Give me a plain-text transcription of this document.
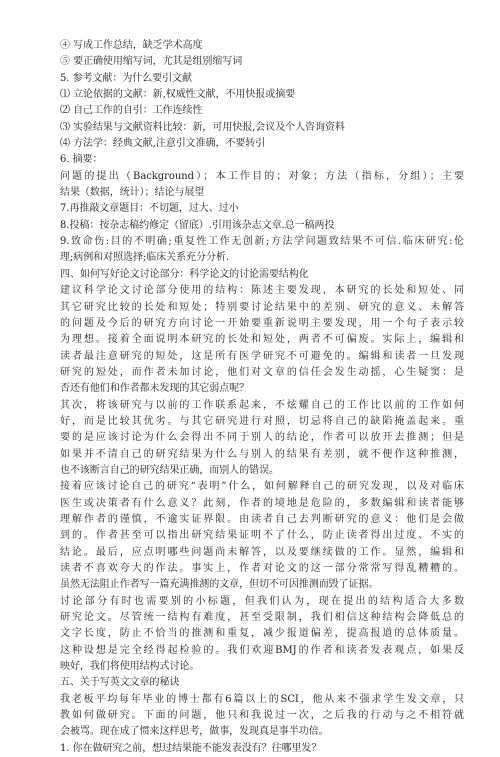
④ 写成工作总结，缺乏学术高度
⑤ 要正确使用缩写词，尤其是组别缩写词
5. 参考文献：为什么要引文献
⑴ 立论依据的文献：新,权威性文献，不用快报或摘要
⑵ 自己工作的自引：工作连续性
⑶ 实验结果与文献资料比较：新，可用快报,会议及个人咨询资料
⑷ 方法学：经典文献,注意引文准确，不要转引
6. 摘要：
问题的提出（Background）；本工作目的；对象；方法（指标，分组）；主要
结果（数据，统计）；结论与展望
7.再推敲文章题目：不切题，过大、过小
8.投稿：按杂志稿约修定（留底）.引用该杂志文章.总一稿两投
9.致命伤:目的不明确;重复性工作无创新;方法学问题致结果不可信.临床研究:伦
理;病例和对照选择;临床关系充分分析.
四、如何写好论文讨论部分：科学论文的讨论需要结构化
建议科学论文讨论部分使用的结构：陈述主要发现，本研究的长处和短处、同
其它研究比较的长处和短处；特别要讨论结果中的差别、研究的意义、未解答
的问题及今后的研究方向讨论一开始要重新说明主要发现，用一个句子表示较
为理想。接着全面说明本研究的长处和短处，两者不可偏废。实际上，编辑和
读者最注意研究的短处，这是所有医学研究不可避免的。编辑和读者一旦发现
研究的短处，而作者未加讨论，他们对文章的信任会发生动摇，心生疑窦：是
否还有他们和作者都未发现的其它弱点呢？
其次，将该研究与以前的工作联系起来，不炫耀自己的工作比以前的工作如何
好，而是比较其优劣。与其它研究进行对照，切忌将自己的缺陷掩盖起来。重
要的是应该讨论为什么会得出不同于别人的结论，作者可以放开去推测；但是
如果并不清自己的研究结果为什么与别人的结果有差别，就不便作这种推测，
也不该断言自己的研究结果正确，而别人的错误。
接着应该讨论自己的研究“表明”什么，如何解释自己的研究发现，以及对临床
医生或决策者有什么意义？此刻，作者的境地是危险的，多数编辑和读者能够
理解作者的谨慎，不逾实证界限。由读者自己去判断研究的意义：他们是会做
到的。作者甚至可以指出研究结果证明不了什么，防止读者得出过度、不实的
结论。最后，应点明哪些问题尚未解答，以及要继续做的工作。显然，编辑和
读者不喜欢夸大的作法。事实上，作者对论文的这一部分常常写得乱糟糟的。
虽然无法阻止作者写一篇充满推测的文章，但切不可因推测而毁了证据。
讨论部分有时也需要别的小标题，但我们认为，现在提出的结构适合大多数
研究论文。尽管统一结构有难度，甚至受限制，我们相信这种结构会降低总的
文字长度，防止不恰当的推测和重复，减少报道偏差，提高报道的总体质量。
这种设想是完全经得起检验的。我们欢迎BMJ的作者和读者发表观点，如果反
映好，我们将使用结构式讨论。
五、关于写英文文章的秘诀
我老板平均每年毕业的博士都有6篇以上的SCI，他从来不强求学生发文章，只
教如何做研究。下面的问题，他只和我说过一次，之后我的行动与之不相符就
会被骂。现在成了惯来这样思考，做事，发现真是事半功倍。
1. 你在做研究之前，想过结果能不能发表没有？往哪里发？
